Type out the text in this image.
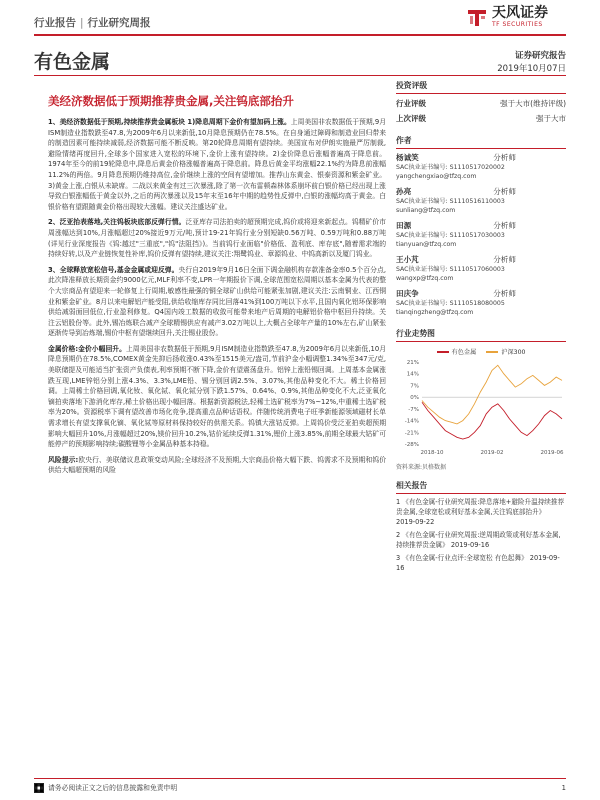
行业报告 | 行业研究周报
天风证券
TF SECURITIES
有色金属	证券研究报告
2019年10月07日
美经济数据低于预期推荐贵金属,关注钨底部抬升

1、美经济数据低于预期,持续推荐贵金属板块 1)降息周期下金价有望加码上涨。上周美国非农数据低于预期,9月ISM制造业指数跌至47.8,为2009年6月以来新低,10月降息预期仍在78.5%。在自身通过障碍和制造业回归带来的制造因素可能持续减弱,经济数据可能不断反映。第20轮降息周期有望持续。美国宣布对伊朗实施最严厉制裁,避险情绪再度回升,全球多个国家进入宽松的环境下,金价上涨有望持续。2)金价降息后涨幅普遍高于降息前。1974年至今的前19轮降息中,降息后黄金价格涨幅普遍高于降息前。降息后黄金平均涨幅22.1%约为降息前涨幅11.2%的两倍。9月降息预期仍维持高位,金价继续上涨的空间有望增加。推荐山东黄金、银泰资源和紫金矿业。3)黄金上涨,白银从未缺席。二战以来黄金有过三次暴涨,除了第一次布雷顿森林体系崩坏前白银价格已经出现上涨导致白银涨幅低于黄金以外,之后的两次暴涨以及15年末至16年中期的趋势性反弹中,白银的涨幅均高于黄金。白银价格有望跟随黄金价格出现较大涨幅。建议关注盛达矿业。

2、泛亚抬表落地,关注钨板块底部反弹行情。泛亚库存司法拍卖的超预期完成,钨价或将迎来新起点。钨精矿价市周涨幅达到10%,月涨幅超过20%接近9万元/吨,预计19-21年钨行业分别短缺0.56万吨、0.59万吨和0.88万吨(详见行业深度报告《钨:越过"三重底","钨"法阻挡》)。当前钨行业面临"价格低、盈利底、库存底",随着需求端的持续好转,以及产业链恢复性补库,钨价反弹有望持续,建议关注:翔鹭钨业、章源钨业、中钨高新以及厦门钨业。

3、全球释放宽松信号,基金金属或迎反弹。央行自2019年9月16日全面下调金融机构存款准备金率0.5个百分点,此次降准释放长期资金约9000亿元,MLF利率不变,LPR一年期报价下调,全球范围宽松周期以基本金属为代表的整个大宗商品有望迎来一轮修复上行周期,敏感性最强的铜全球矿山供给可能紧张加剧,建议关注:云南铜业、江西铜业和紫金矿业。8月以来电解铝产能受阻,供给收缩库存同比回落41%到100万吨以下水平,且国内氧化铝环保影响供给减弱面回低位,行业盈利修复。Q4国内竣工数据的收敛可能带来地产后周期的电解铝价格中枢回升持续。关注云铝股份等。此外,锡冶炼联合减产全球精锡供应有减产3.02万吨以上,大概占全球年产量的10%左右,矿山紧张逐渐传导到冶炼端,锡价中枢有望继续回升,关注锡业股份。

金属价格:金价小幅回升。上周美国非农数据低于预期,9月ISM制造业指数跌至47.8,为2009年6月以来新低,10月降息预期仍在78.5%,COMEX黄金先抑后扬收涨0.43%至1515美元/盎司,节前沪金小幅调整1.34%至347元/克,美联储提及可能适当扩张资产负债表,利率预期不断下降,金价有望震荡盘升。铝锌上涨铅锡回调。上周基本金属涨跌互现,LME锌铝分别上涨4.3%、3.3%,LME铅、锡分别回调2.5%、3.07%,其他品种变化不大。稀土价格回调。上周稀土价格回调,氧化钕、氧化铽、氧化铽分别下跌1.57%、0.64%、0.9%,其他品种变化不大,泛亚氧化镝拍卖落地下游消化库存,稀土价格出现小幅回落。根据新资源税法,轻稀土选矿税率为7%~12%,中重稀土选矿税率为20%。资源税率下调有望改善市场化竞争,提高重点品种话语权。伴随传统消费电子旺季新能源领域磁材长单需求增长有望支撑氧化镝、氧化铽等原材料保持较好的供需关系。钨镇大涨钴反弹。上周钨价受泛亚拍卖超预期影响大幅回升10%,月涨幅超过20%,镁价回升10.2%,钴价延续反弹1.31%,锂价上涨3.85%,前期全球最大钴矿可能停产的预期影响持续;碳酸锂等小金属品种基本持稳。

风险提示:欧央行、美联储议息政策变动风险;全球经济不及预期,大宗商品价格大幅下跌、钨需求不及预期和钨价供给大幅超预期的风险

投资评级
行业评级	强于大市(维持评级)
上次评级	强于大市
作者
杨诚笑	分析师
SAC执业证书编号: S1110517020002
yangchengxiao@tfzq.com
孙亮	分析师
SAC执业证书编号: S1110516110003
sunliang@tfzq.com
田源	分析师
SAC执业证书编号: S1110517030003
tianyuan@tfzq.com
王小芃	分析师
SAC执业证书编号: S1110517060003
wangxp@tfzq.com
田庆争	分析师
SAC执业证书编号: S1110518080005
tianqingzheng@tfzq.com
行业走势图
有色金属	沪深300
21%
14%
7%
0%
-7%
-14%
-21%
-28%
2018-10	2019-02	2019-06
资料来源:贝格数据
相关报告
1 《有色金属-行业研究周报:降息落地+避险升温持续推荐贵金属,全球宽松或利好基本金属,关注钨底部抬升》 2019-09-22
2 《有色金属-行业研究周报:逆周期政策或利好基本金属,持续推荐贵金属》 2019-09-16
3 《有色金属-行业点评:全球宽松 有色起舞》 2019-09-16
请务必阅读正文之后的信息披露和免责申明	1
